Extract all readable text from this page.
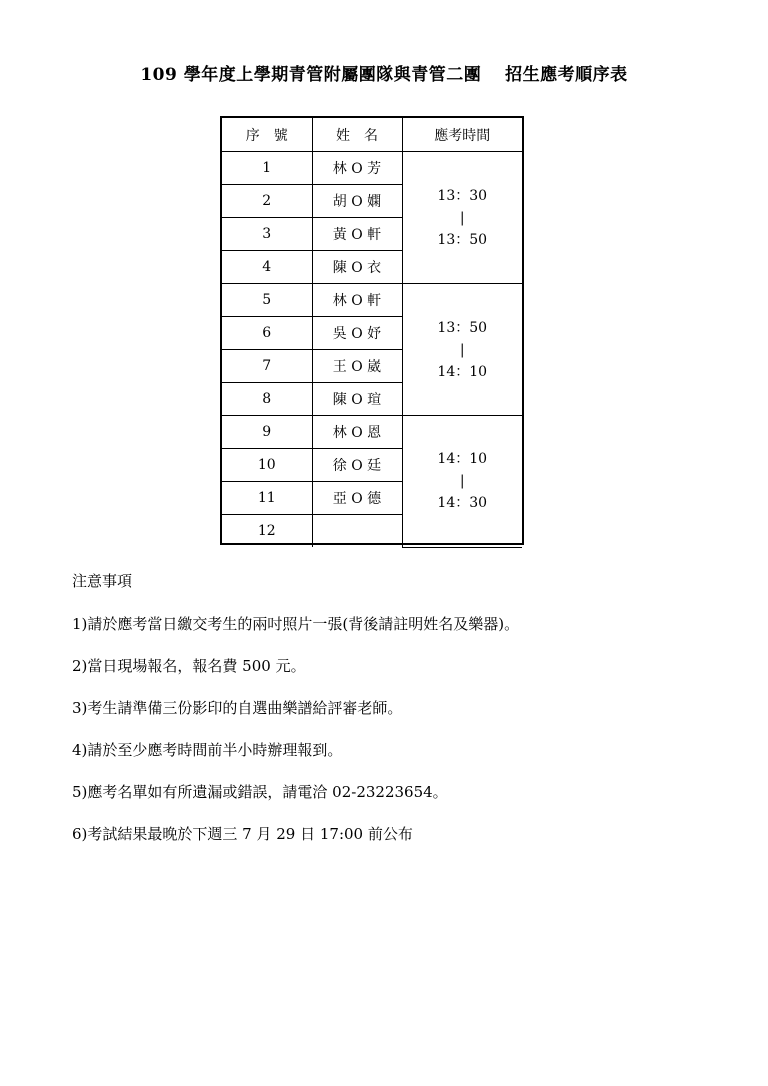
109 學年度上學期青管附屬團隊與青管二團　 招生應考順序表
序　號	姓　名	應考時間
1	林 O 芳	13：30
|
13：50

2	胡 O 嫻	
3	黃 O 軒	
4	陳 O 衣	
5	林 O 軒	13：50
|
14：10

6	吳 O 妤	
7	王 O 崴	
8	陳 O 瑄	
9	林 O 恩	14：10
|
14：30

10	徐 O 廷	
11	亞 O 德	
12		
注意事項
1)請於應考當日繳交考生的兩吋照片一張(背後請註明姓名及樂器)。
2)當日現場報名，報名費 500 元。
3)考生請準備三份影印的自選曲樂譜給評審老師。
4)請於至少應考時間前半小時辦理報到。
5)應考名單如有所遺漏或錯誤，請電洽 02-23223654。
6)考試結果最晚於下週三 7 月 29 日 17:00 前公布
